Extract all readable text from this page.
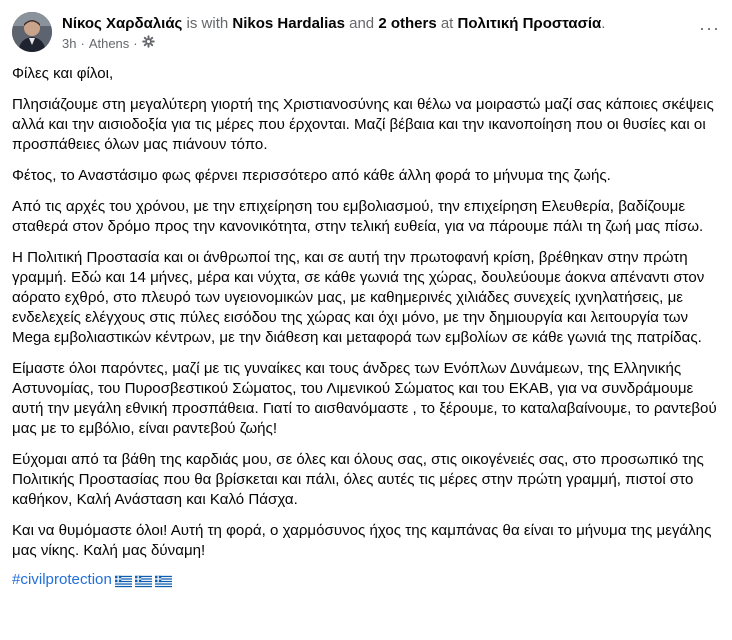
Νίκος Χαρδαλιάς is with Nikos Hardalias and 2 others at Πολιτική Προστασία.
3h · Athens ·
···

Φίλες και φίλοι,

Πλησιάζουμε στη μεγαλύτερη γιορτή της Χριστιανοσύνης και θέλω να μοιραστώ μαζί σας κάποιες σκέψεις αλλά και την αισιοδοξία για τις μέρες που έρχονται. Μαζί βέβαια και την ικανοποίηση που οι θυσίες και οι προσπάθειες όλων μας πιάνουν τόπο.

Φέτος, το Αναστάσιμο φως φέρνει περισσότερο από κάθε άλλη φορά το μήνυμα της ζωής.

Από τις αρχές του χρόνου, με την επιχείρηση του εμβολιασμού, την επιχείρηση Ελευθερία, βαδίζουμε σταθερά στον δρόμο προς την κανονικότητα, στην τελική ευθεία, για να πάρουμε πάλι τη ζωή μας πίσω.

Η Πολιτική Προστασία και οι άνθρωποί της, και σε αυτή την πρωτοφανή κρίση, βρέθηκαν στην πρώτη γραμμή. Εδώ και 14 μήνες, μέρα και νύχτα, σε κάθε γωνιά της χώρας, δουλεύουμε άοκνα απέναντι στον αόρατο εχθρό, στο πλευρό των υγειονομικών μας, με καθημερινές χιλιάδες συνεχείς ιχνηλατήσεις, με ενδελεχείς ελέγχους στις πύλες εισόδου της χώρας και όχι μόνο, με την δημιουργία και λειτουργία των Mega εμβολιαστικών κέντρων, με την διάθεση και μεταφορά των εμβολίων σε κάθε γωνιά της πατρίδας.

Είμαστε όλοι παρόντες, μαζί με τις γυναίκες και τους άνδρες των Ενόπλων Δυνάμεων, της Ελληνικής Αστυνομίας, του Πυροσβεστικού Σώματος, του Λιμενικού Σώματος και του ΕΚΑΒ, για να συνδράμουμε αυτή την μεγάλη εθνική προσπάθεια. Γιατί το αισθανόμαστε , το ξέρουμε, το καταλαβαίνουμε, το ραντεβού μας με το εμβόλιο, είναι ραντεβού ζωής!

Εύχομαι από τα βάθη της καρδιάς μου, σε όλες και όλους σας, στις οικογένειές σας, στο προσωπικό της Πολιτικής Προστασίας που θα βρίσκεται και πάλι, όλες αυτές τις μέρες στην πρώτη γραμμή, πιστοί στο καθήκον, Καλή Ανάσταση και Καλό Πάσχα.

Και να θυμόμαστε όλοι! Αυτή τη φορά, ο χαρμόσυνος ήχος της καμπάνας θα είναι το μήνυμα της μεγάλης μας νίκης. Καλή μας δύναμη!

#civilprotection
